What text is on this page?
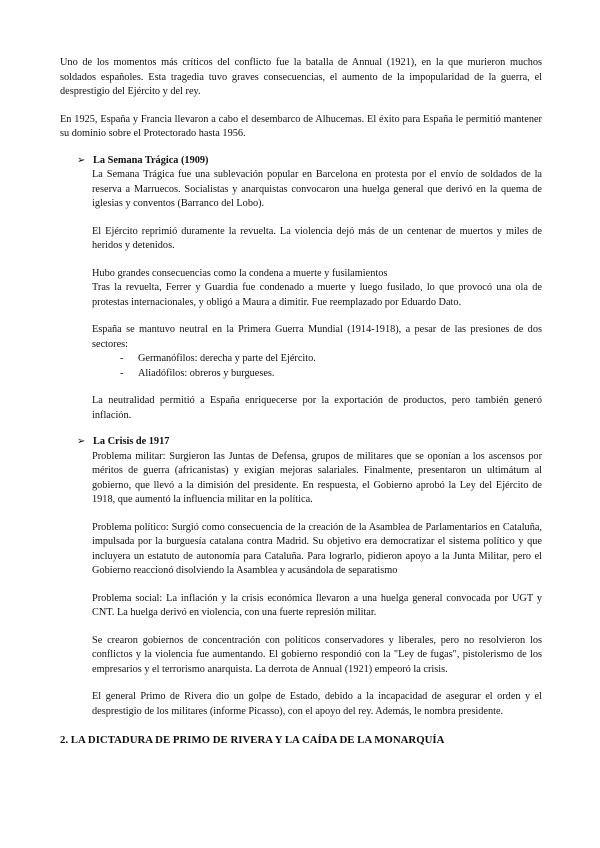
Uno de los momentos más críticos del conflicto fue la batalla de Annual (1921), en la que murieron muchos soldados españoles. Esta tragedia tuvo graves consecuencias, el aumento de la impopularidad de la guerra, el desprestigio del Ejército y del rey.

En 1925, España y Francia llevaron a cabo el desembarco de Alhucemas. El éxito para España le permitió mantener su dominio sobre el Protectorado hasta 1956.

➢ La Semana Trágica (1909)

La Semana Trágica fue una sublevación popular en Barcelona en protesta por el envío de soldados de la reserva a Marruecos. Socialistas y anarquistas convocaron una huelga general que derivó en la quema de iglesias y conventos (Barranco del Lobo).

El Ejército reprimió duramente la revuelta. La violencia dejó más de un centenar de muertos y miles de heridos y detenidos.

Hubo grandes consecuencias como la condena a muerte y fusilamientos

Tras la revuelta, Ferrer y Guardia fue condenado a muerte y luego fusilado, lo que provocó una ola de protestas internacionales, y obligó a Maura a dimitir. Fue reemplazado por Eduardo Dato.

España se mantuvo neutral en la Primera Guerra Mundial (1914-1918), a pesar de las presiones de dos sectores:

- Germanófilos: derecha y parte del Ejército.
- Aliadófilos: obreros y burgueses.

La neutralidad permitió a España enriquecerse por la exportación de productos, pero también generó inflación.

➢ La Crisis de 1917

Problema militar: Surgieron las Juntas de Defensa, grupos de militares que se oponían a los ascensos por méritos de guerra (africanistas) y exigían mejoras salariales. Finalmente, presentaron un ultimátum al gobierno, que llevó a la dimisión del presidente. En respuesta, el Gobierno aprobó la Ley del Ejército de 1918, que aumentó la influencia militar en la política.

Problema político: Surgió como consecuencia de la creación de la Asamblea de Parlamentarios en Cataluña, impulsada por la burguesía catalana contra Madrid. Su objetivo era democratizar el sistema político y que incluyera un estatuto de autonomía para Cataluña. Para lograrlo, pidieron apoyo a la Junta Militar, pero el Gobierno reaccionó disolviendo la Asamblea y acusándola de separatismo

Problema social: La inflación y la crisis económica llevaron a una huelga general convocada por UGT y CNT. La huelga derivó en violencia, con una fuerte represión militar.

Se crearon gobiernos de concentración con políticos conservadores y liberales, pero no resolvieron los conflictos y la violencia fue aumentando. El gobierno respondió con la "Ley de fugas", pistolerismo de los empresarios y el terrorismo anarquista. La derrota de Annual (1921) empeoró la crisis.

El general Primo de Rivera dio un golpe de Estado, debido a la incapacidad de asegurar el orden y el desprestigio de los militares (informe Picasso), con el apoyo del rey. Además, le nombra presidente.

2. LA DICTADURA DE PRIMO DE RIVERA Y LA CAÍDA DE LA MONARQUÍA
